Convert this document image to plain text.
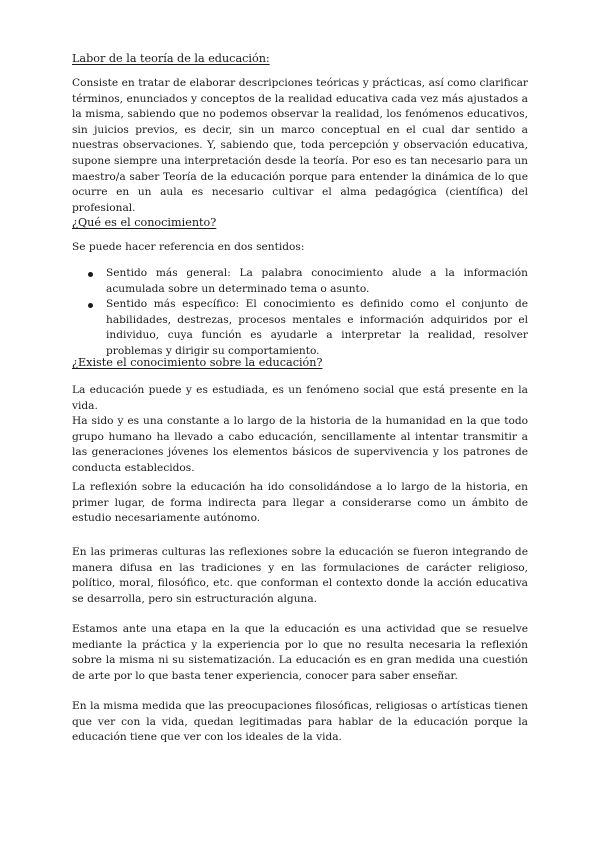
Labor de la teoría de la educación:
Consiste en tratar de elaborar descripciones teóricas y prácticas, así como clarificar términos, enunciados y conceptos de la realidad educativa cada vez más ajustados a la misma, sabiendo que no podemos observar la realidad, los fenómenos educativos, sin juicios previos, es decir, sin un marco conceptual en el cual dar sentido a nuestras observaciones. Y, sabiendo que, toda percepción y observación educativa, supone siempre una interpretación desde la teoría. Por eso es tan necesario para un maestro/a saber Teoría de la educación porque para entender la dinámica de lo que ocurre en un aula es necesario cultivar el alma pedagógica (científica) del profesional.
¿Qué es el conocimiento?
Se puede hacer referencia en dos sentidos:
Sentido más general: La palabra conocimiento alude a la información acumulada sobre un determinado tema o asunto.
Sentido más específico: El conocimiento es definido como el conjunto de habilidades, destrezas, procesos mentales e información adquiridos por el individuo, cuya función es ayudarle a interpretar la realidad, resolver problemas y dirigir su comportamiento.
¿Existe el conocimiento sobre la educación?
La educación puede y es estudiada, es un fenómeno social que está presente en la vida.
Ha sido y es una constante a lo largo de la historia de la humanidad en la que todo grupo humano ha llevado a cabo educación, sencillamente al intentar transmitir a las generaciones jóvenes los elementos básicos de supervivencia y los patrones de conducta establecidos.
La reflexión sobre la educación ha ido consolidándose a lo largo de la historia, en primer lugar, de forma indirecta para llegar a considerarse como un ámbito de estudio necesariamente autónomo.
En las primeras culturas las reflexiones sobre la educación se fueron integrando de manera difusa en las tradiciones y en las formulaciones de carácter religioso, político, moral, filosófico, etc. que conforman el contexto donde la acción educativa se desarrolla, pero sin estructuración alguna.
Estamos ante una etapa en la que la educación es una actividad que se resuelve mediante la práctica y la experiencia por lo que no resulta necesaria la reflexión sobre la misma ni su sistematización. La educación es en gran medida una cuestión de arte por lo que basta tener experiencia, conocer para saber enseñar.
En la misma medida que las preocupaciones filosóficas, religiosas o artísticas tienen que ver con la vida, quedan legitimadas para hablar de la educación porque la educación tiene que ver con los ideales de la vida.
